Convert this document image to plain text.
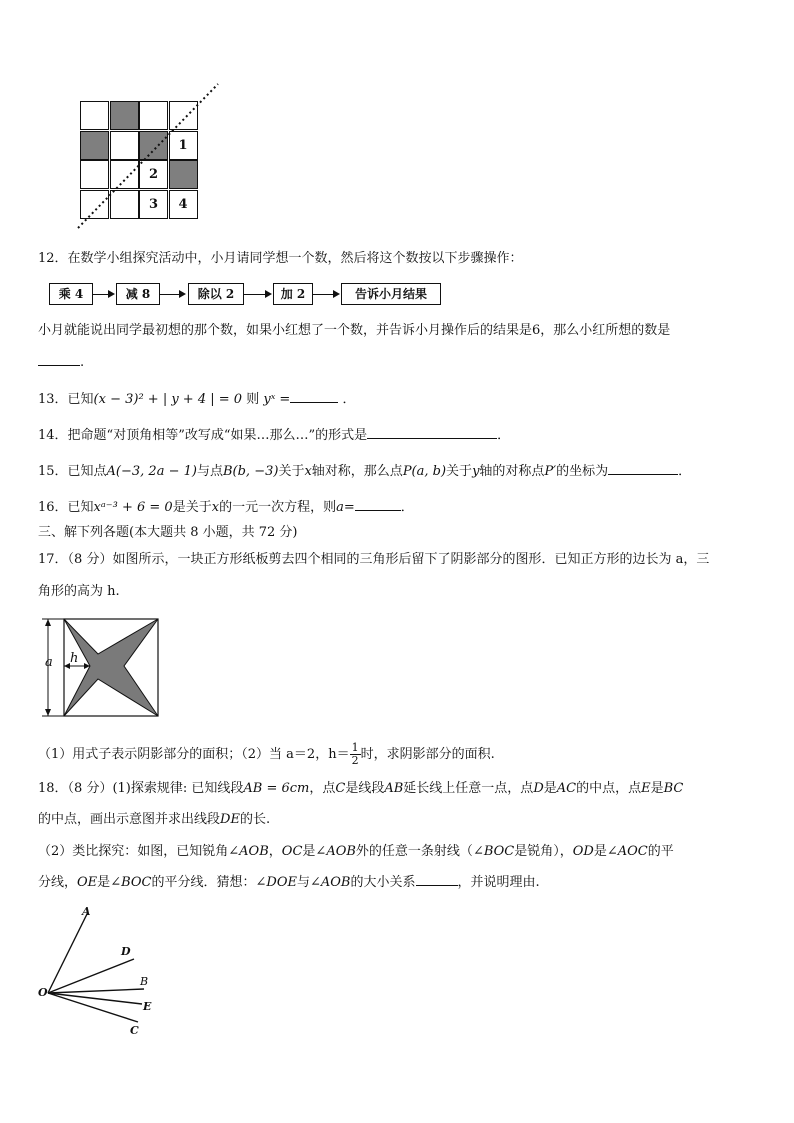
1
2
3	4
12．在数学小组探究活动中，小月请同学想一个数，然后将这个数按以下步骤操作：
乘 4	减 8	除以 2	加 2	告诉小月结果
小月就能说出同学最初想的那个数，如果小红想了一个数，并告诉小月操作后的结果是6，那么小红所想的数是
.
13．已知(x − 3)² + | y + 4 | = 0 则 yˣ =	．
14．把命题“对顶角相等”改写成“如果…那么…”的形式是	．
15．已知点A(−3, 2a − 1)与点B(b, −3)关于x轴对称，那么点P(a, b)关于y轴的对称点P′的坐标为	．
16．已知xᵃ⁻³ + 6 = 0是关于x的一元一次方程，则a=	．
三、解下列各题(本大题共 8 小题，共 72 分)
17．（8 分）如图所示，一块正方形纸板剪去四个相同的三角形后留下了阴影部分的图形．已知正方形的边长为 a，三
角形的高为 h.
a h
（1）用式子表示阴影部分的面积；（2）当 a＝2，$h= \frac{1}{2}$ 时，求阴影部分的面积.
18．（8 分）(1)探索规律: 已知线段AB = 6cm，点C是线段AB延长线上任意一点，点D是AC的中点，点E是BC
的中点，画出示意图并求出线段DE的长.
（2）类比探究：如图，已知锐角∠AOB，OC是∠AOB外的任意一条射线（∠BOC是锐角），OD是∠AOC的平
分线，OE是∠BOC的平分线．猜想：∠DOE与∠AOB的大小关系	，并说明理由.
A
D
B
O
E
C
